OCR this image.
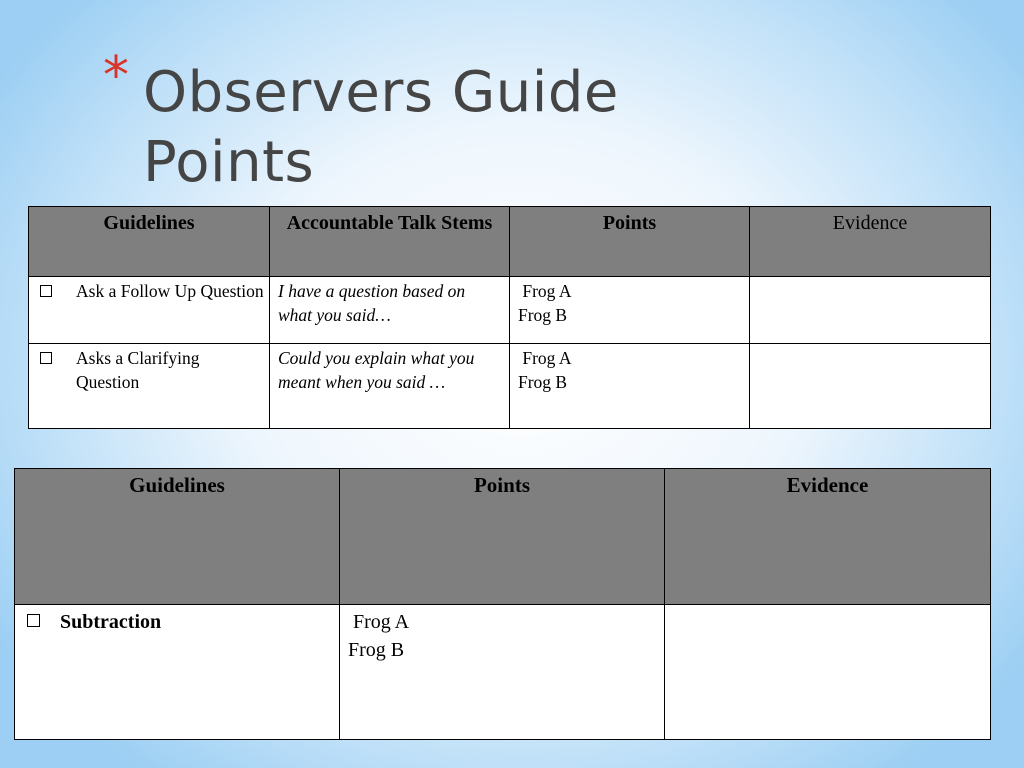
* Observers Guide Points
Guidelines	Accountable Talk Stems	Points	Evidence

Ask a Follow Up Question	I have a question based on what you said…	Frog A
Frog B	

Asks a Clarifying Question	Could you explain what you meant when you said …	Frog A
Frog B	

Guidelines	Points	Evidence

Subtraction	Frog A
Frog B	
